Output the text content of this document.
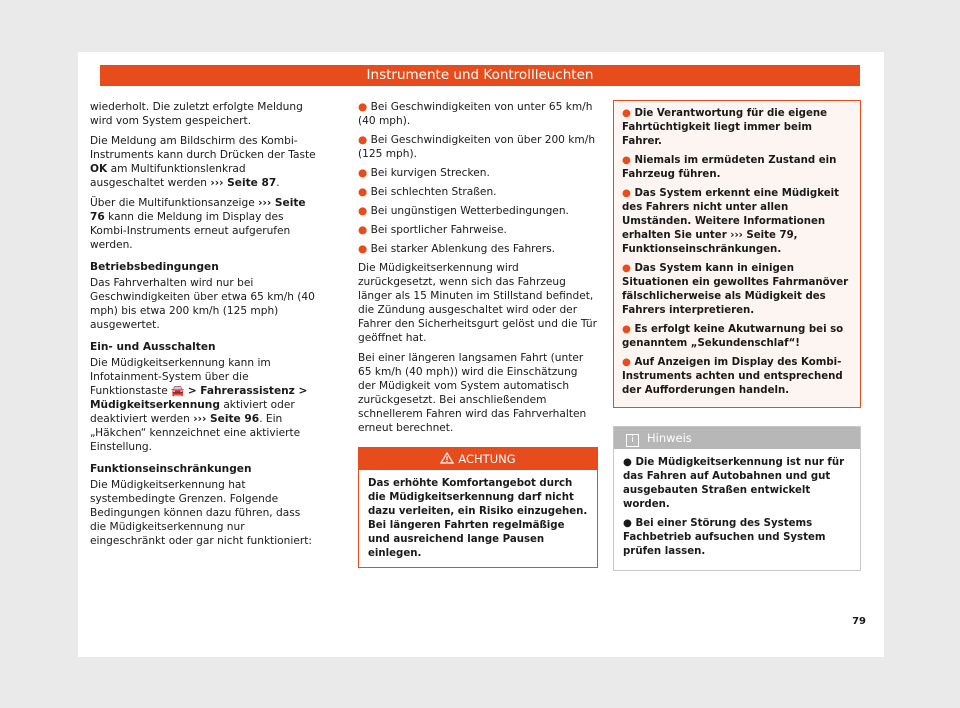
Instrumente und Kontrollleuchten

wiederholt. Die zuletzt erfolgte Meldung wird vom System gespeichert.

Die Meldung am Bildschirm des Kombi-Instruments kann durch Drücken der Taste OK am Multifunktionslenkrad ausgeschaltet werden ››› Seite 87.

Über die Multifunktionsanzeige ››› Seite 76 kann die Meldung im Display des Kombi-Instruments erneut aufgerufen werden.

Betriebsbedingungen

Das Fahrverhalten wird nur bei Geschwindigkeiten über etwa 65 km/h (40 mph) bis etwa 200 km/h (125 mph) ausgewertet.

Ein- und Ausschalten

Die Müdigkeitserkennung kann im Infotainment-System über die Funktionstaste 🚘 > Fahrerassistenz > Müdigkeitserkennung aktiviert oder deaktiviert werden ››› Seite 96. Ein „Häkchen“ kennzeichnet eine aktivierte Einstellung.

Funktionseinschränkungen

Die Müdigkeitserkennung hat systembedingte Grenzen. Folgende Bedingungen können dazu führen, dass die Müdigkeitserkennung nur eingeschränkt oder gar nicht funktioniert:

● Bei Geschwindigkeiten von unter 65 km/h (40 mph).
● Bei Geschwindigkeiten von über 200 km/h (125 mph).
● Bei kurvigen Strecken.
● Bei schlechten Straßen.
● Bei ungünstigen Wetterbedingungen.
● Bei sportlicher Fahrweise.
● Bei starker Ablenkung des Fahrers.

Die Müdigkeitserkennung wird zurückgesetzt, wenn sich das Fahrzeug länger als 15 Minuten im Stillstand befindet, die Zündung ausgeschaltet wird oder der Fahrer den Sicherheitsgurt gelöst und die Tür geöffnet hat.

Bei einer längeren langsamen Fahrt (unter 65 km/h (40 mph)) wird die Einschätzung der Müdigkeit vom System automatisch zurückgesetzt. Bei anschließendem schnellerem Fahren wird das Fahrverhalten erneut berechnet.

ACHTUNG
Das erhöhte Komfortangebot durch die Müdigkeitserkennung darf nicht dazu verleiten, ein Risiko einzugehen. Bei längeren Fahrten regelmäßige und ausreichend lange Pausen einlegen.
● Die Verantwortung für die eigene Fahrtüchtigkeit liegt immer beim Fahrer.
● Niemals im ermüdeten Zustand ein Fahrzeug führen.
● Das System erkennt eine Müdigkeit des Fahrers nicht unter allen Umständen. Weitere Informationen erhalten Sie unter ››› Seite 79, Funktionseinschränkungen.
● Das System kann in einigen Situationen ein gewolltes Fahrmanöver fälschlicherweise als Müdigkeit des Fahrers interpretieren.
● Es erfolgt keine Akutwarnung bei so genanntem „Sekundenschlaf“!
● Auf Anzeigen im Display des Kombi-Instruments achten und entsprechend der Aufforderungen handeln.
i Hinweis
● Die Müdigkeitserkennung ist nur für das Fahren auf Autobahnen und gut ausgebauten Straßen entwickelt worden.
● Bei einer Störung des Systems Fachbetrieb aufsuchen und System prüfen lassen.
79
